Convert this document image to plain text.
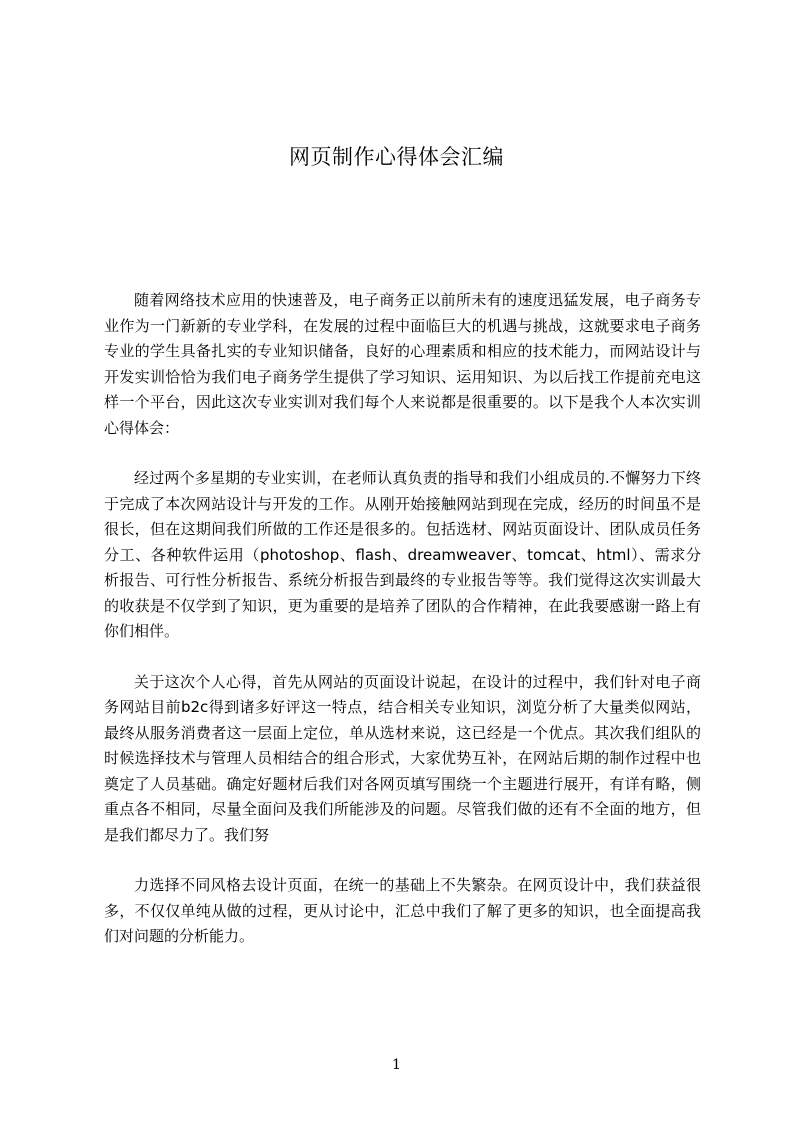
网页制作心得体会汇编

随着网络技术应用的快速普及，电子商务正以前所未有的速度迅猛发展，电子商务专业作为一门新新的专业学科，在发展的过程中面临巨大的机遇与挑战，这就要求电子商务专业的学生具备扎实的专业知识储备，良好的心理素质和相应的技术能力，而网站设计与开发实训恰恰为我们电子商务学生提供了学习知识、运用知识、为以后找工作提前充电这样一个平台，因此这次专业实训对我们每个人来说都是很重要的。以下是我个人本次实训心得体会：

经过两个多星期的专业实训，在老师认真负责的指导和我们小组成员的.不懈努力下终于完成了本次网站设计与开发的工作。从刚开始接触网站到现在完成，经历的时间虽不是很长，但在这期间我们所做的工作还是很多的。包括选材、网站页面设计、团队成员任务分工、各种软件运用（photoshop、flash、dreamweaver、tomcat、html）、需求分析报告、可行性分析报告、系统分析报告到最终的专业报告等等。我们觉得这次实训最大的收获是不仅学到了知识，更为重要的是培养了团队的合作精神，在此我要感谢一路上有你们相伴。

关于这次个人心得，首先从网站的页面设计说起，在设计的过程中，我们针对电子商务网站目前b2c得到诸多好评这一特点，结合相关专业知识，浏览分析了大量类似网站，最终从服务消费者这一层面上定位，单从选材来说，这已经是一个优点。其次我们组队的时候选择技术与管理人员相结合的组合形式，大家优势互补，在网站后期的制作过程中也奠定了人员基础。确定好题材后我们对各网页填写围绕一个主题进行展开，有详有略，侧重点各不相同，尽量全面问及我们所能涉及的问题。尽管我们做的还有不全面的地方，但是我们都尽力了。我们努

力选择不同风格去设计页面，在统一的基础上不失繁杂。在网页设计中，我们获益很多，不仅仅单纯从做的过程，更从讨论中，汇总中我们了解了更多的知识，也全面提高我们对问题的分析能力。

1
